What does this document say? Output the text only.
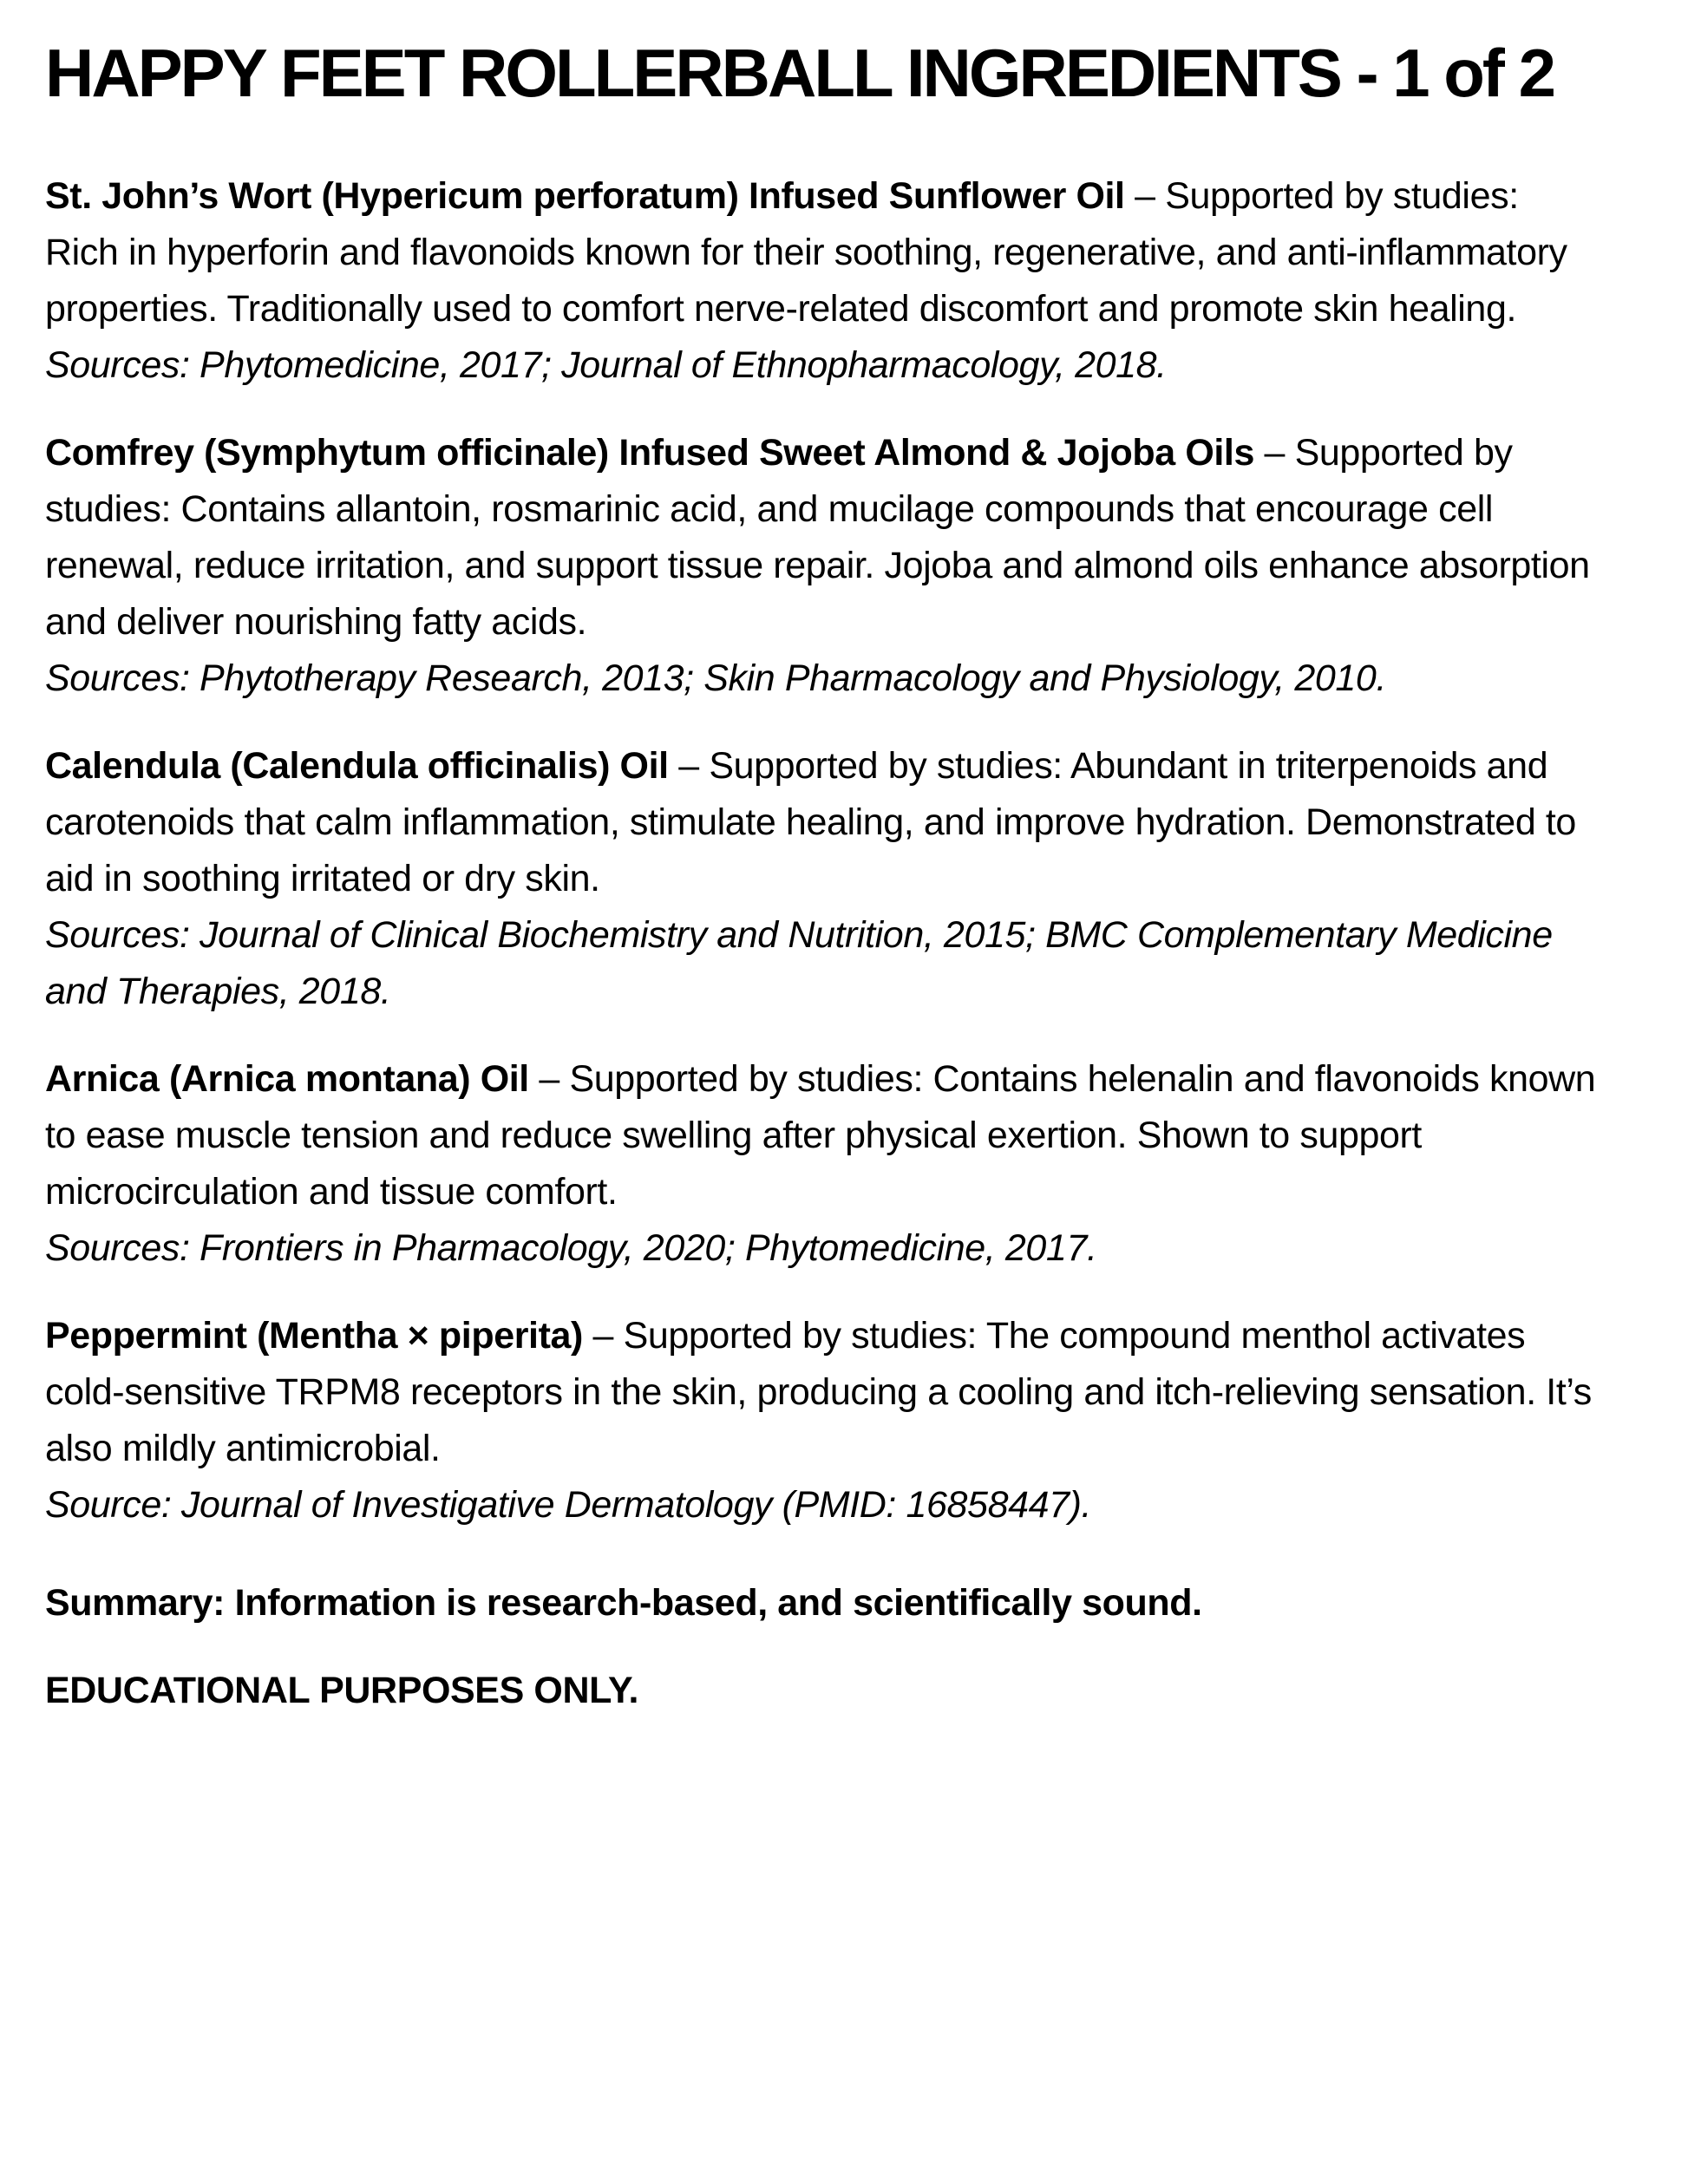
HAPPY FEET ROLLERBALL INGREDIENTS - 1 of 2

St. John’s Wort (Hypericum perforatum) Infused Sunflower Oil – Supported by studies: Rich in hyperforin and flavonoids known for their soothing, regenerative, and anti-inflammatory properties. Traditionally used to comfort nerve-related discomfort and promote skin healing.
Sources: Phytomedicine, 2017; Journal of Ethnopharmacology, 2018.

Comfrey (Symphytum officinale) Infused Sweet Almond & Jojoba Oils – Supported by studies: Contains allantoin, rosmarinic acid, and mucilage compounds that encourage cell renewal, reduce irritation, and support tissue repair. Jojoba and almond oils enhance absorption and deliver nourishing fatty acids.
Sources: Phytotherapy Research, 2013; Skin Pharmacology and Physiology, 2010.

Calendula (Calendula officinalis) Oil – Supported by studies: Abundant in triterpenoids and carotenoids that calm inflammation, stimulate healing, and improve hydration. Demonstrated to aid in soothing irritated or dry skin.
Sources: Journal of Clinical Biochemistry and Nutrition, 2015; BMC Complementary Medicine and Therapies, 2018.

Arnica (Arnica montana) Oil – Supported by studies: Contains helenalin and flavonoids known to ease muscle tension and reduce swelling after physical exertion. Shown to support microcirculation and tissue comfort.
Sources: Frontiers in Pharmacology, 2020; Phytomedicine, 2017.

Peppermint (Mentha × piperita) – Supported by studies: The compound menthol activates cold-sensitive TRPM8 receptors in the skin, producing a cooling and itch-relieving sensation. It’s also mildly antimicrobial.
Source: Journal of Investigative Dermatology (PMID: 16858447).

Summary: Information is research-based, and scientifically sound.

EDUCATIONAL PURPOSES ONLY.
